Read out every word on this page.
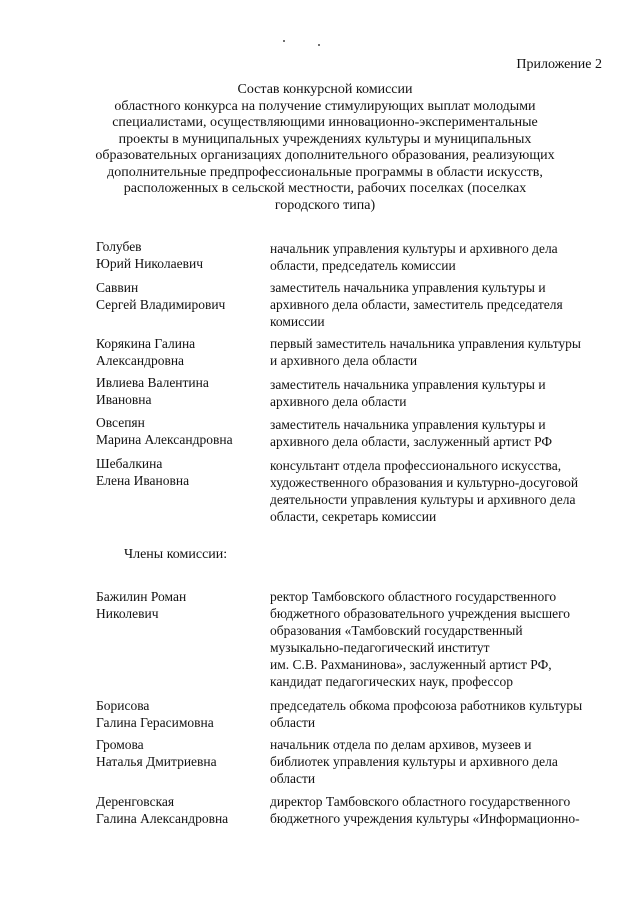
Приложение 2
Состав конкурсной комиссии
областного конкурса на получение стимулирующих выплат молодыми
специалистами, осуществляющими инновационно-экспериментальные
проекты в муниципальных учреждениях культуры и муниципальных
образовательных организациях дополнительного образования, реализующих
дополнительные предпрофессиональные программы в области искусств,
расположенных в сельской местности, рабочих поселках (поселках
городского типа)
Голубев
Юрий Николаевич
начальник управления культуры и архивного дела
области, председатель комиссии
Саввин
Сергей Владимирович
заместитель начальника управления культуры и
архивного дела области, заместитель председателя
комиссии
Корякина Галина
Александровна
первый заместитель начальника управления культуры
и архивного дела области
Ивлиева Валентина
Ивановна
заместитель начальника управления культуры и
архивного дела области
Овсепян
Марина Александровна
заместитель начальника управления культуры и
архивного дела области, заслуженный артист РФ
Шебалкина
Елена Ивановна
консультант отдела профессионального искусства,
художественного образования и культурно-досуговой
деятельности управления культуры и архивного дела
области, секретарь комиссии
Члены комиссии:
Бажилин Роман
Николевич
ректор Тамбовского областного государственного
бюджетного образовательного учреждения высшего
образования «Тамбовский государственный
музыкально-педагогический институт
им. С.В. Рахманинова», заслуженный артист РФ,
кандидат педагогических наук, профессор
Борисова
Галина Герасимовна
председатель обкома профсоюза работников культуры
области
Громова
Наталья Дмитриевна
начальник отдела по делам архивов, музеев и
библиотек управления культуры и архивного дела
области
Деренговская
Галина Александровна
директор Тамбовского областного государственного
бюджетного учреждения культуры «Информационно-
